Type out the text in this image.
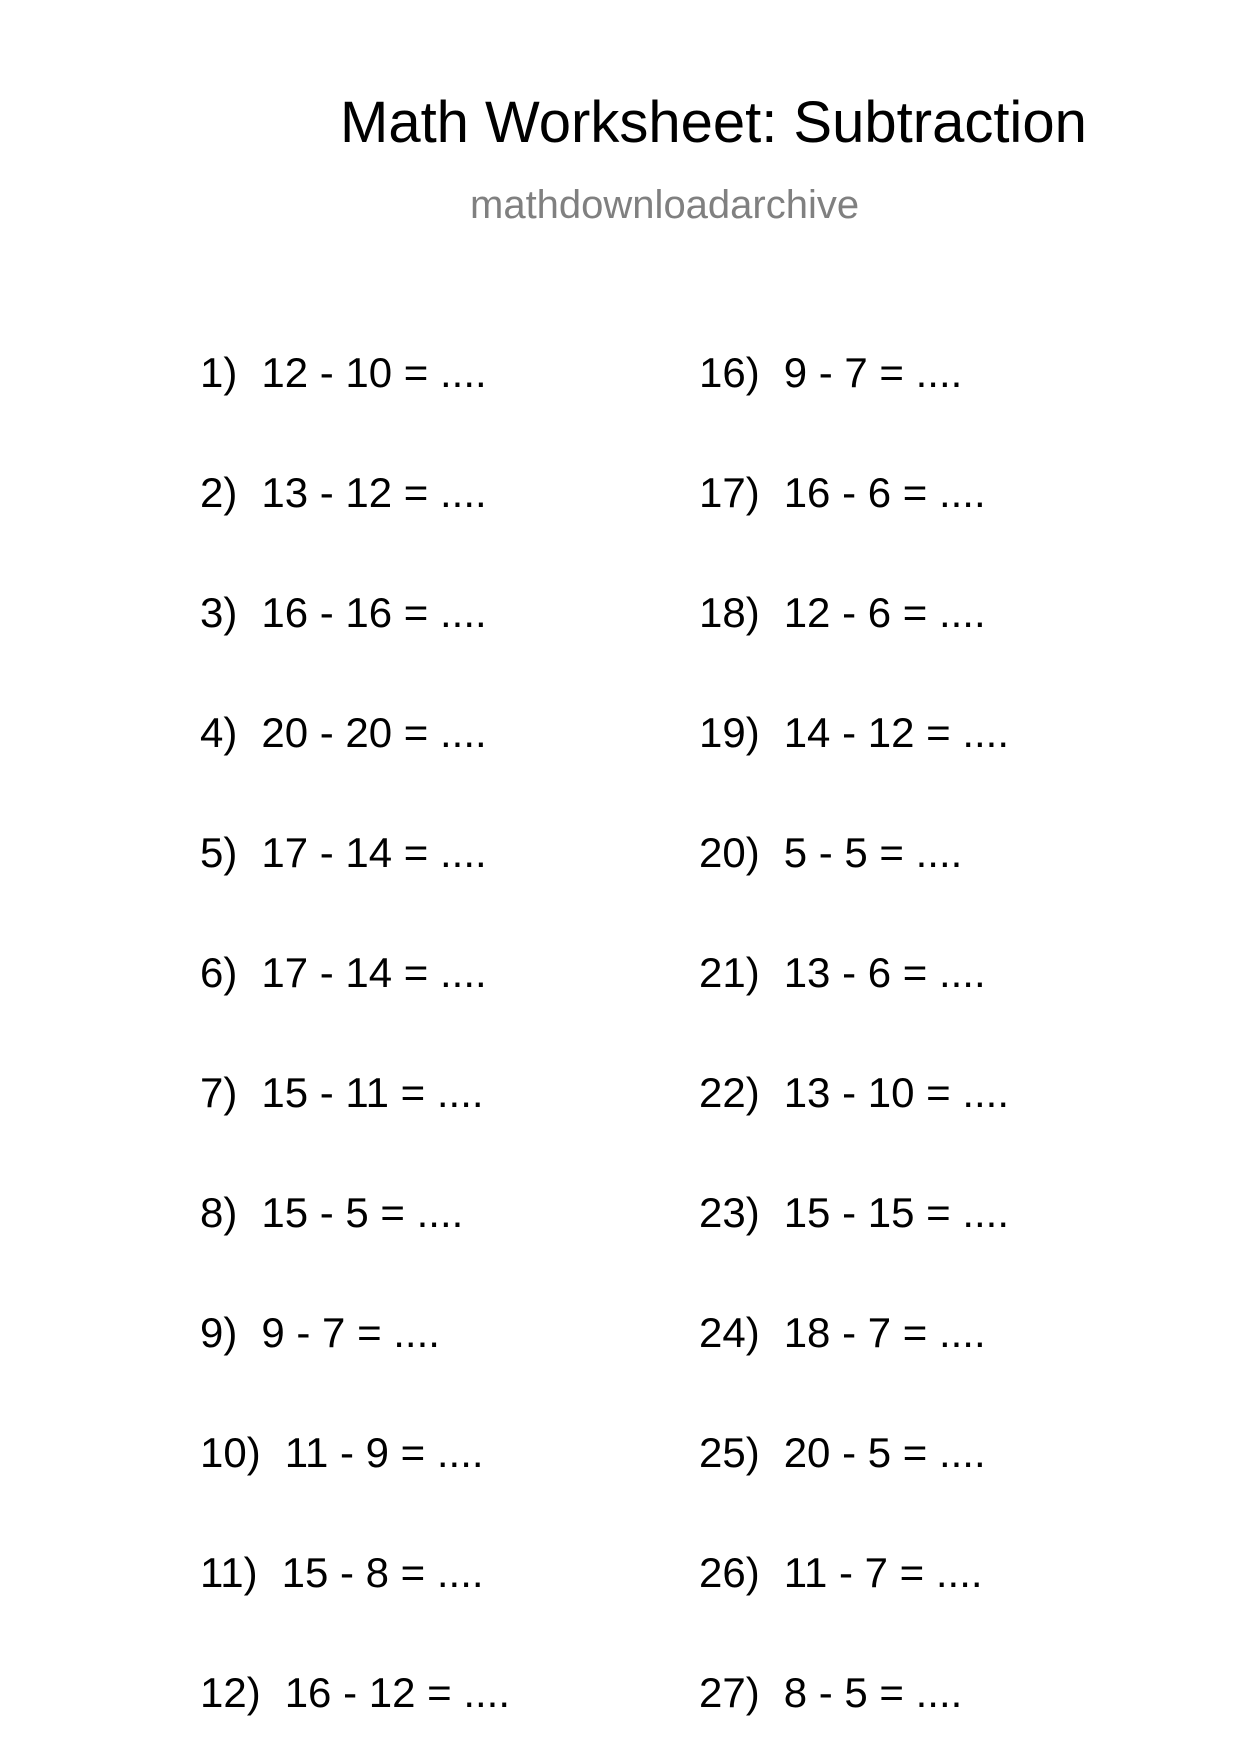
Math Worksheet: Subtraction
mathdownloadarchive
1) 12 - 10 = ....
2) 13 - 12 = ....
3) 16 - 16 = ....
4) 20 - 20 = ....
5) 17 - 14 = ....
6) 17 - 14 = ....
7) 15 - 11 = ....
8) 15 - 5 = ....
9) 9 - 7 = ....
10) 11 - 9 = ....
11) 15 - 8 = ....
12) 16 - 12 = ....
16) 9 - 7 = ....
17) 16 - 6 = ....
18) 12 - 6 = ....
19) 14 - 12 = ....
20) 5 - 5 = ....
21) 13 - 6 = ....
22) 13 - 10 = ....
23) 15 - 15 = ....
24) 18 - 7 = ....
25) 20 - 5 = ....
26) 11 - 7 = ....
27) 8 - 5 = ....
